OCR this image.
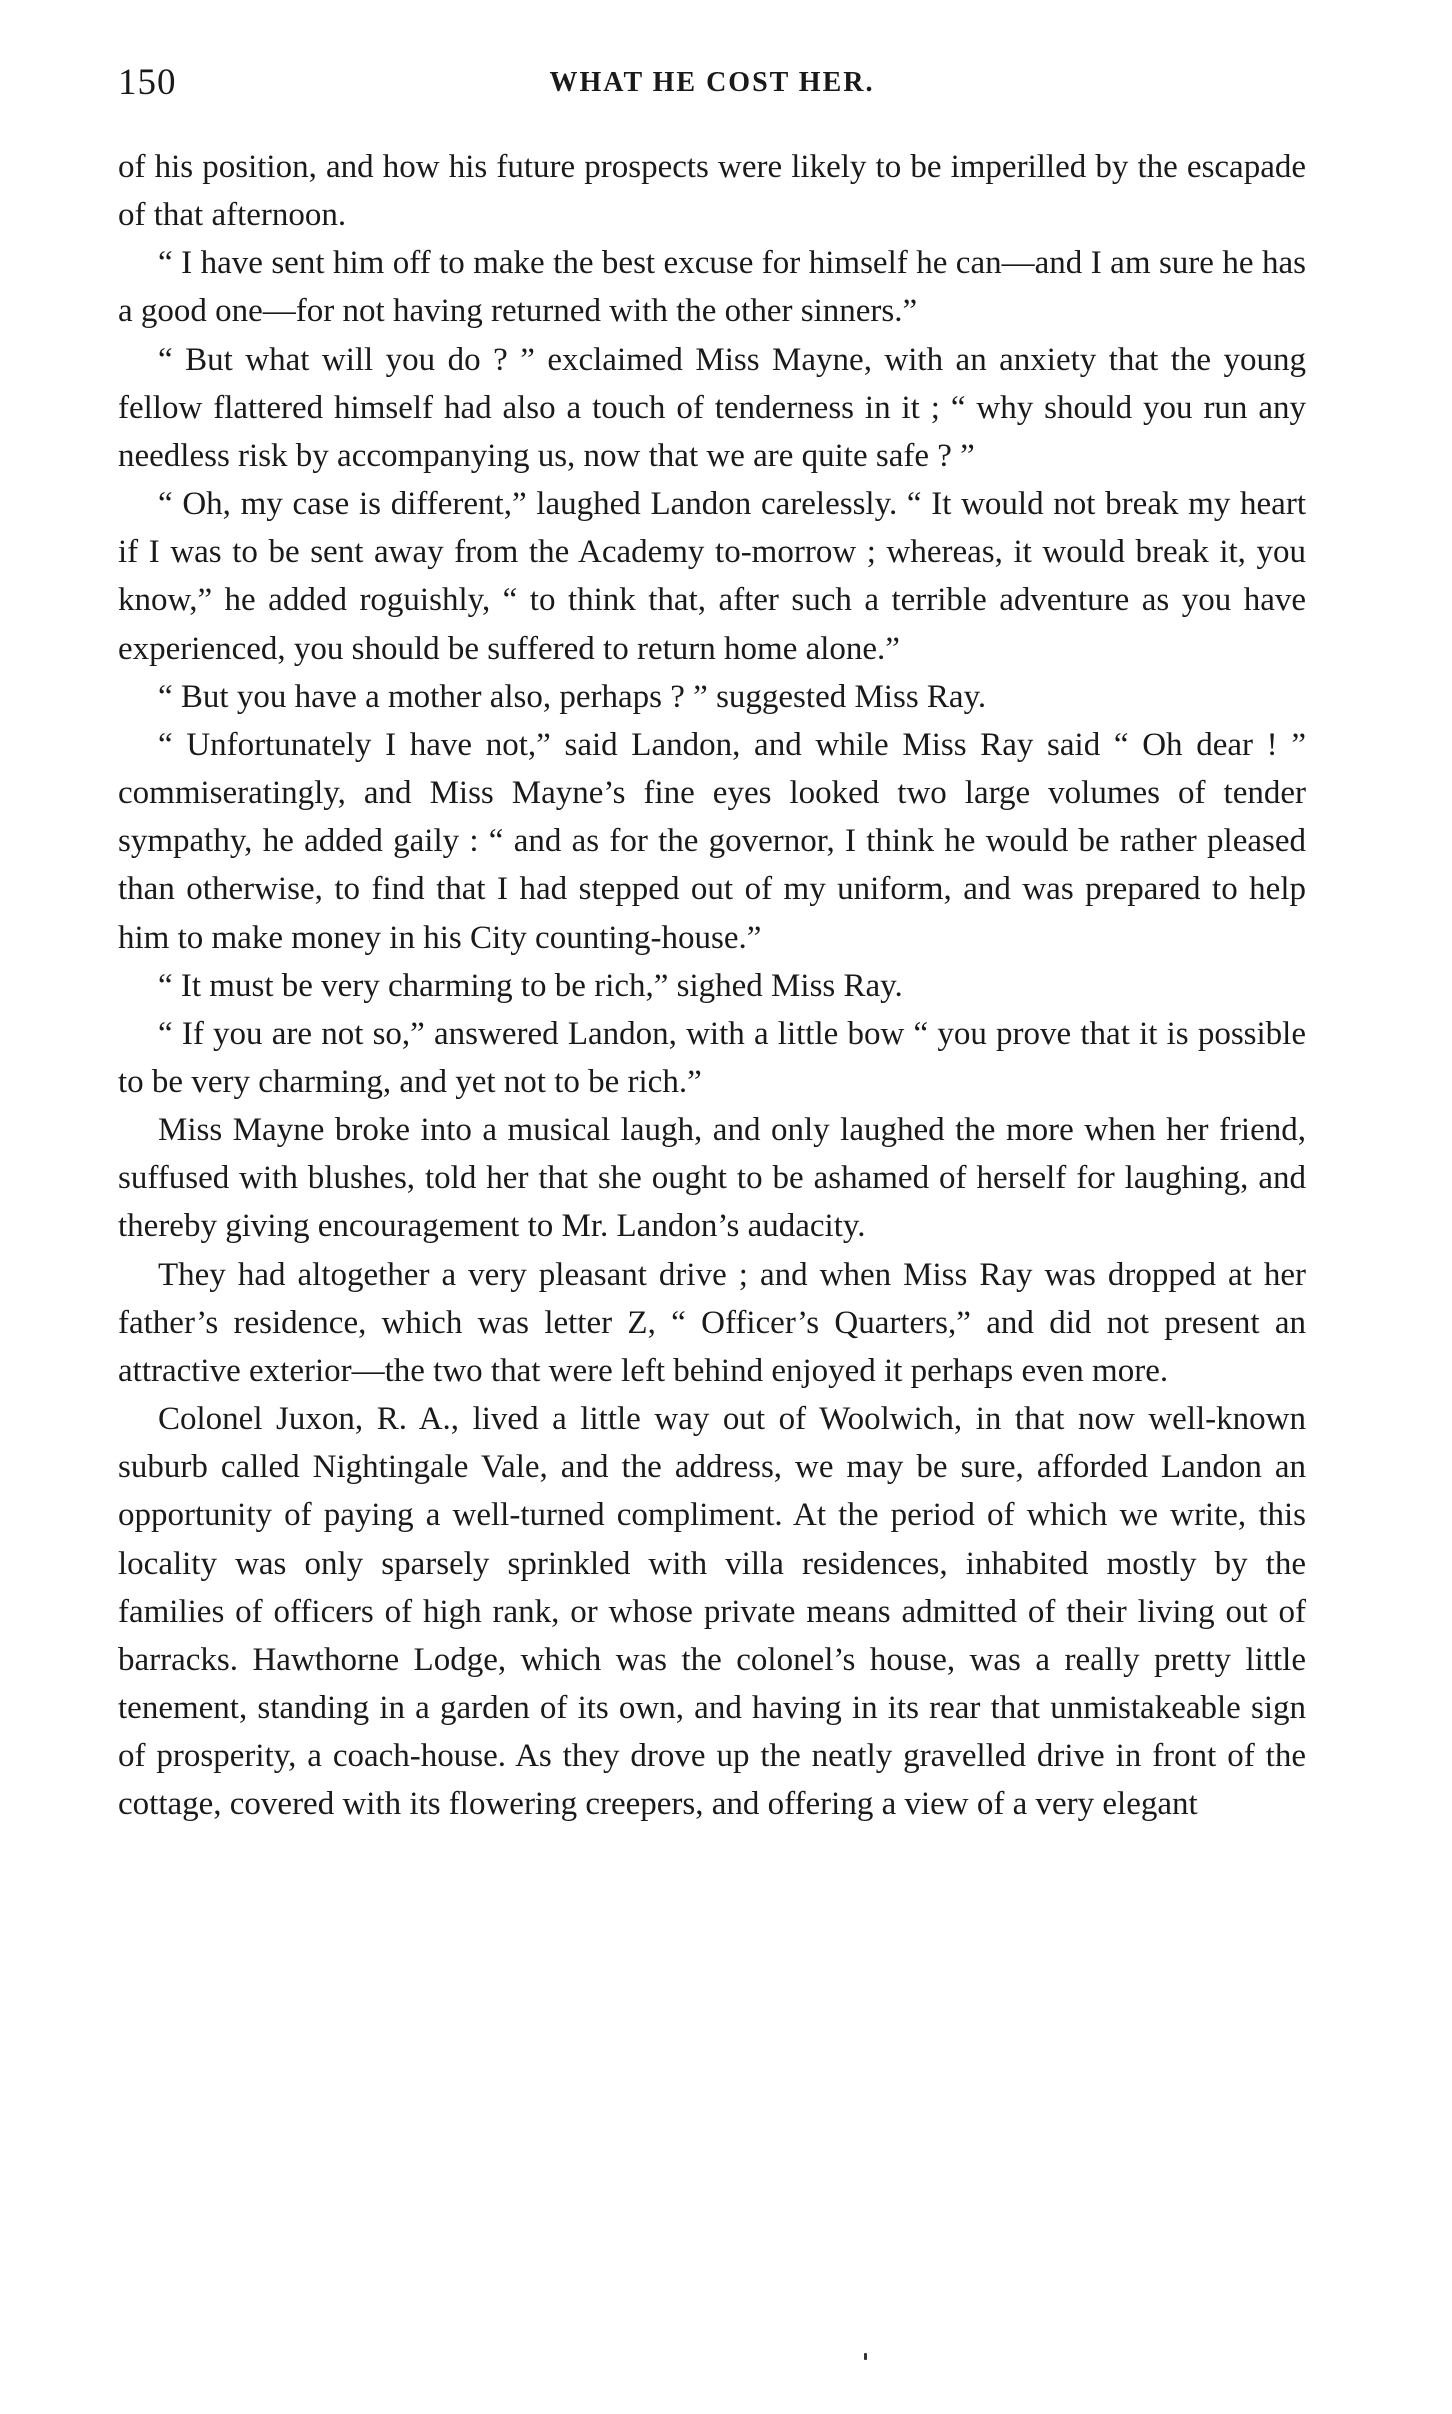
150	WHAT HE COST HER.

of his position, and how his future prospects were likely to be imperilled by the escapade of that afternoon.

“ I have sent him off to make the best excuse for himself he can—and I am sure he has a good one—for not having returned with the other sinners.”

“ But what will you do ? ” exclaimed Miss Mayne, with an anxiety that the young fellow flattered himself had also a touch of tenderness in it ; “ why should you run any needless risk by accompanying us, now that we are quite safe ? ”

“ Oh, my case is different,” laughed Landon carelessly. “ It would not break my heart if I was to be sent away from the Academy to-morrow ; whereas, it would break it, you know,” he added roguishly, “ to think that, after such a terrible adventure as you have experienced, you should be suffered to return home alone.”

“ But you have a mother also, perhaps ? ” suggested Miss Ray.

“ Unfortunately I have not,” said Landon, and while Miss Ray said “ Oh dear ! ” commiseratingly, and Miss Mayne’s fine eyes looked two large volumes of tender sympathy, he added gaily : “ and as for the governor, I think he would be rather pleased than otherwise, to find that I had stepped out of my uniform, and was prepared to help him to make money in his City counting-house.”

“ It must be very charming to be rich,” sighed Miss Ray.

“ If you are not so,” answered Landon, with a little bow “ you prove that it is possible to be very charming, and yet not to be rich.”

Miss Mayne broke into a musical laugh, and only laughed the more when her friend, suffused with blushes, told her that she ought to be ashamed of herself for laughing, and thereby giving encouragement to Mr. Landon’s audacity.

They had altogether a very pleasant drive ; and when Miss Ray was dropped at her father’s residence, which was letter Z, “ Officer’s Quarters,” and did not present an attractive exterior—the two that were left behind enjoyed it perhaps even more.

Colonel Juxon, R. A., lived a little way out of Woolwich, in that now well-known suburb called Nightingale Vale, and the address, we may be sure, afforded Landon an opportunity of paying a well-turned compliment. At the period of which we write, this locality was only sparsely sprinkled with villa residences, inhabited mostly by the families of officers of high rank, or whose private means admitted of their living out of barracks. Hawthorne Lodge, which was the colonel’s house, was a really pretty little tenement, standing in a garden of its own, and having in its rear that unmistakeable sign of prosperity, a coach-house. As they drove up the neatly gravelled drive in front of the cottage, covered with its flowering creepers, and offering a view of a very elegant
